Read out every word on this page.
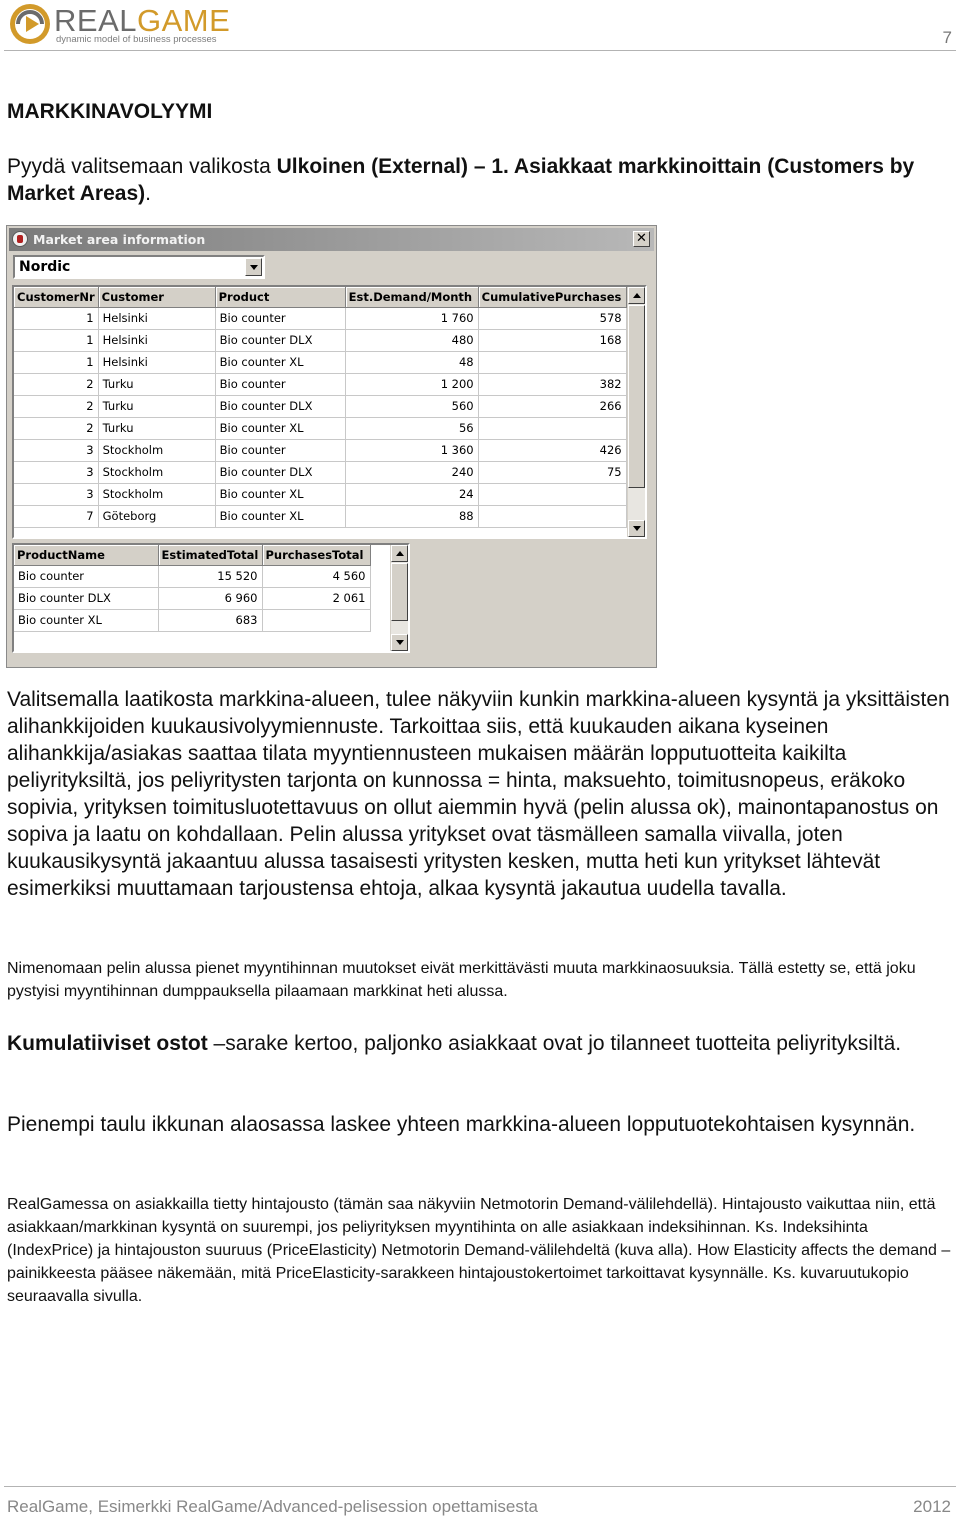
REALGAME
dynamic model of business processes	7
MARKKINAVOLYYMI
Pyydä valitsemaan valikosta Ulkoinen (External) – 1. Asiakkaat markkinoittain (Customers by Market Areas).
Market area information	✕
Nordic
CustomerNr	Customer	Product	Est.Demand/Month	CumulativePurchases
1	Helsinki	Bio counter	1 760	578
1	Helsinki	Bio counter DLX	480	168
1	Helsinki	Bio counter XL	48	
2	Turku	Bio counter	1 200	382
2	Turku	Bio counter DLX	560	266
2	Turku	Bio counter XL	56	
3	Stockholm	Bio counter	1 360	426
3	Stockholm	Bio counter DLX	240	75
3	Stockholm	Bio counter XL	24	
7	Göteborg	Bio counter XL	88	
ProductName	EstimatedTotal	PurchasesTotal
Bio counter	15 520	4 560
Bio counter DLX	6 960	2 061
Bio counter XL	683	
Valitsemalla laatikosta markkina-alueen, tulee näkyviin kunkin markkina-alueen kysyntä ja yksittäisten alihankkijoiden kuukausivolyymiennuste. Tarkoittaa siis, että kuukauden aikana kyseinen alihankkija/asiakas saattaa tilata myyntiennusteen mukaisen määrän lopputuotteita kaikilta peliyrityksiltä, jos peliyritysten tarjonta on kunnossa = hinta, maksuehto, toimitusnopeus, eräkoko sopivia, yrityksen toimitusluotettavuus on ollut aiemmin hyvä (pelin alussa ok), mainontapanostus on sopiva ja laatu on kohdallaan. Pelin alussa yritykset ovat täsmälleen samalla viivalla, joten kuukausikysyntä jakaantuu alussa tasaisesti yritysten kesken, mutta heti kun yritykset lähtevät esimerkiksi muuttamaan tarjoustensa ehtoja, alkaa kysyntä jakautua uudella tavalla.
Nimenomaan pelin alussa pienet myyntihinnan muutokset eivät merkittävästi muuta markkinaosuuksia. Tällä estetty se, että joku pystyisi myyntihinnan dumppauksella pilaamaan markkinat heti alussa.
Kumulatiiviset ostot –sarake kertoo, paljonko asiakkaat ovat jo tilanneet tuotteita peliyrityksiltä.
Pienempi taulu ikkunan alaosassa laskee yhteen markkina-alueen lopputuotekohtaisen kysynnän.
RealGamessa on asiakkailla tietty hintajousto (tämän saa näkyviin Netmotorin Demand-välilehdellä). Hintajousto vaikuttaa niin, että asiakkaan/markkinan kysyntä on suurempi, jos peliyrityksen myyntihinta on alle asiakkaan indeksihinnan. Ks. Indeksihinta (IndexPrice) ja hintajouston suuruus (PriceElasticity) Netmotorin Demand-välilehdeltä (kuva alla). How Elasticity affects the demand –painikkeesta pääsee näkemään, mitä PriceElasticity-sarakkeen hintajoustokertoimet tarkoittavat kysynnälle. Ks. kuvaruutukopio seuraavalla sivulla.
RealGame, Esimerkki RealGame/Advanced-pelisession opettamisesta	2012
